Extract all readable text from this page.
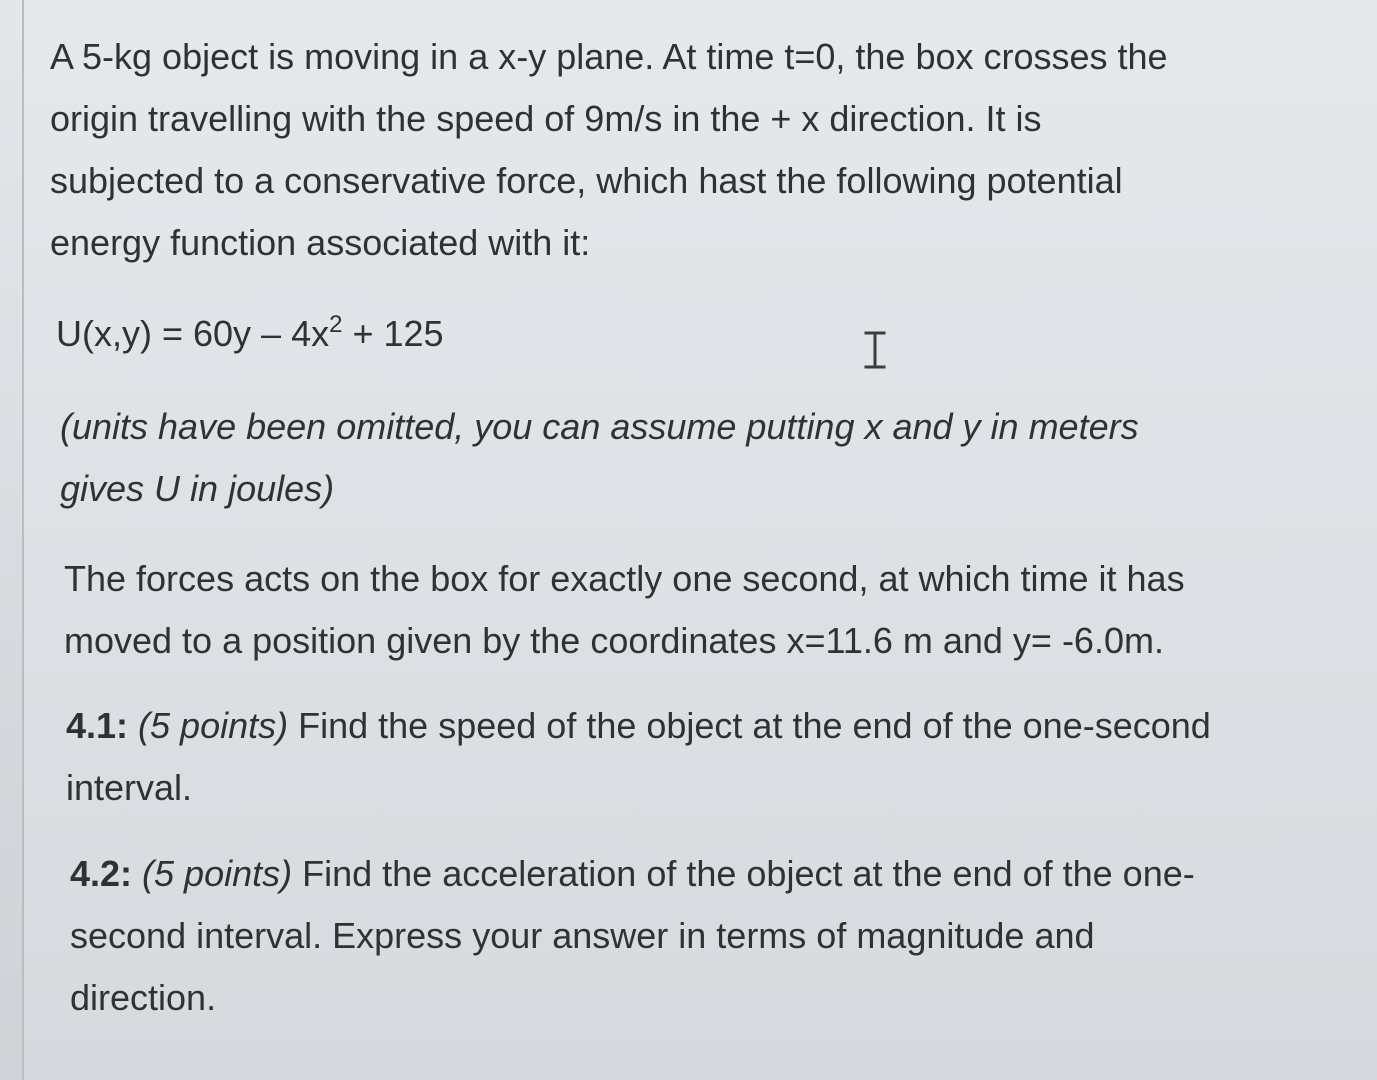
A 5-kg object is moving in a x-y plane. At time t=0, the box crosses the
origin travelling with the speed of 9m/s in the + x direction. It is
subjected to a conservative force, which hast the following potential
energy function associated with it:
$U(x,y) = 60y - 4x^2 + 125$
(units have been omitted, you can assume putting x and y in meters
gives U in joules)
The forces acts on the box for exactly one second, at which time it has
moved to a position given by the coordinates x=11.6 m and y= -6.0m.
4.1: (5 points) Find the speed of the object at the end of the one-second
interval.
4.2: (5 points) Find the acceleration of the object at the end of the one-
second interval. Express your answer in terms of magnitude and
direction.
